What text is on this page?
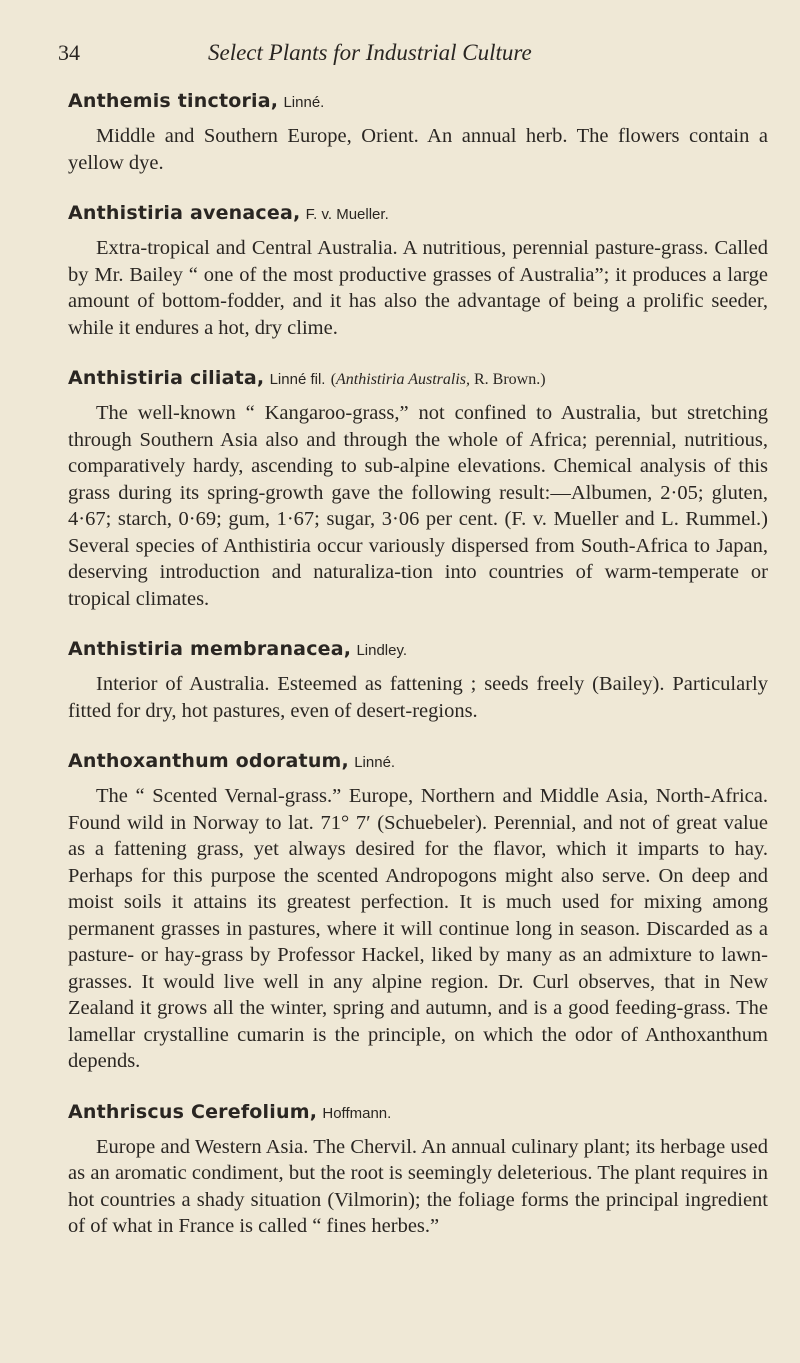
34	Select Plants for Industrial Culture
Anthemis tinctoria, Linné.

Middle and Southern Europe, Orient. An annual herb. The flowers contain a yellow dye.

Anthistiria avenacea, F. v. Mueller.

Extra-tropical and Central Australia. A nutritious, perennial pasture-grass. Called by Mr. Bailey “ one of the most productive grasses of Australia”; it produces a large amount of bottom-fodder, and it has also the advantage of being a prolific seeder, while it endures a hot, dry clime.

Anthistiria ciliata, Linné fil. (Anthistiria Australis, R. Brown.)

The well-known “ Kangaroo-grass,” not confined to Australia, but stretching through Southern Asia also and through the whole of Africa; perennial, nutritious, comparatively hardy, ascending to sub-alpine elevations. Chemical analysis of this grass during its spring-growth gave the following result:—Albumen, 2·05; gluten, 4·67; starch, 0·69; gum, 1·67; sugar, 3·06 per cent. (F. v. Mueller and L. Rummel.) Several species of Anthistiria occur variously dispersed from South-Africa to Japan, deserving introduction and naturaliza-tion into countries of warm-temperate or tropical climates.

Anthistiria membranacea, Lindley.

Interior of Australia. Esteemed as fattening ; seeds freely (Bailey). Particularly fitted for dry, hot pastures, even of desert-regions.

Anthoxanthum odoratum, Linné.

The “ Scented Vernal-grass.” Europe, Northern and Middle Asia, North-Africa. Found wild in Norway to lat. 71° 7′ (Schuebeler). Perennial, and not of great value as a fattening grass, yet always desired for the flavor, which it imparts to hay. Perhaps for this purpose the scented Andropogons might also serve. On deep and moist soils it attains its greatest perfection. It is much used for mixing among permanent grasses in pastures, where it will continue long in season. Discarded as a pasture- or hay-grass by Professor Hackel, liked by many as an admixture to lawn-grasses. It would live well in any alpine region. Dr. Curl observes, that in New Zealand it grows all the winter, spring and autumn, and is a good feeding-grass. The lamellar crystalline cumarin is the principle, on which the odor of Anthoxanthum depends.

Anthriscus Cerefolium, Hoffmann.

Europe and Western Asia. The Chervil. An annual culinary plant; its herbage used as an aromatic condiment, but the root is seemingly deleterious. The plant requires in hot countries a shady situation (Vilmorin); the foliage forms the principal ingredient of of what in France is called “ fines herbes.”
